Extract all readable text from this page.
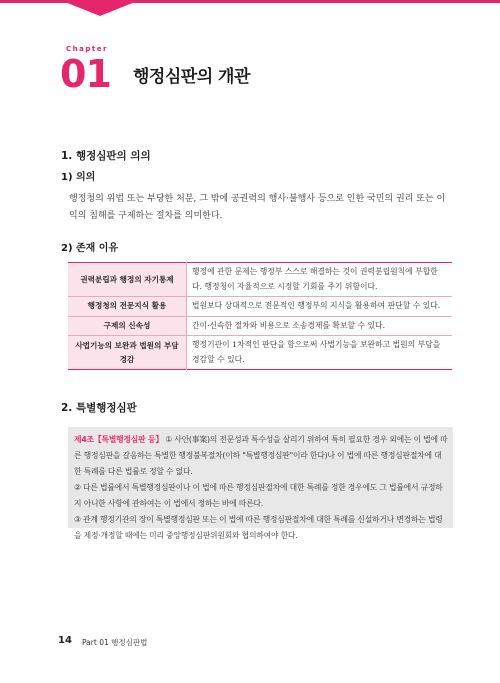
Chapter
01 행정심판의 개관
1. 행정심판의 의의
1) 의의
행정청의 위법 또는 부당한 처분, 그 밖에 공권력의 행사·불행사 등으로 인한 국민의 권리 또는 이익의 침해를 구제하는 절차를 의미한다.
2) 존재 이유
권력분립과 행정의 자기통제	행정에 관한 문제는 행정부 스스로 해결하는 것이 권력분립원칙에 부합한다. 행정청이 자율적으로 시정할 기회를 주기 위함이다.
행정청의 전문지식 활용	법원보다 상대적으로 전문적인 행정부의 지식을 활용하여 판단할 수 있다.
구제의 신속성	간이·신속한 절차와 비용으로 소송경제를 확보할 수 있다.
사법기능의 보완과 법원의 부담 경감	행정기관이 1차적인 판단을 함으로써 사법기능을 보완하고 법원의 부담을 경감할 수 있다.
2. 특별행정심판
제4조【특별행정심판 등】 ① 사안(事案)의 전문성과 특수성을 살리기 위하여 특히 필요한 경우 외에는 이 법에 따른 행정심판을 갈음하는 특별한 행정불복절차(이하 "특별행정심판"이라 한다)나 이 법에 따른 행정심판절차에 대한 특례를 다른 법률로 정할 수 없다.
② 다른 법률에서 특별행정심판이나 이 법에 따른 행정심판절차에 대한 특례를 정한 경우에도 그 법률에서 규정하지 아니한 사항에 관하여는 이 법에서 정하는 바에 따른다.
③ 관계 행정기관의 장이 특별행정심판 또는 이 법에 따른 행정심판절차에 대한 특례를 신설하거나 변경하는 법령을 제정·개정할 때에는 미리 중앙행정심판위원회와 협의하여야 한다.
14 Part 01 행정심판법
